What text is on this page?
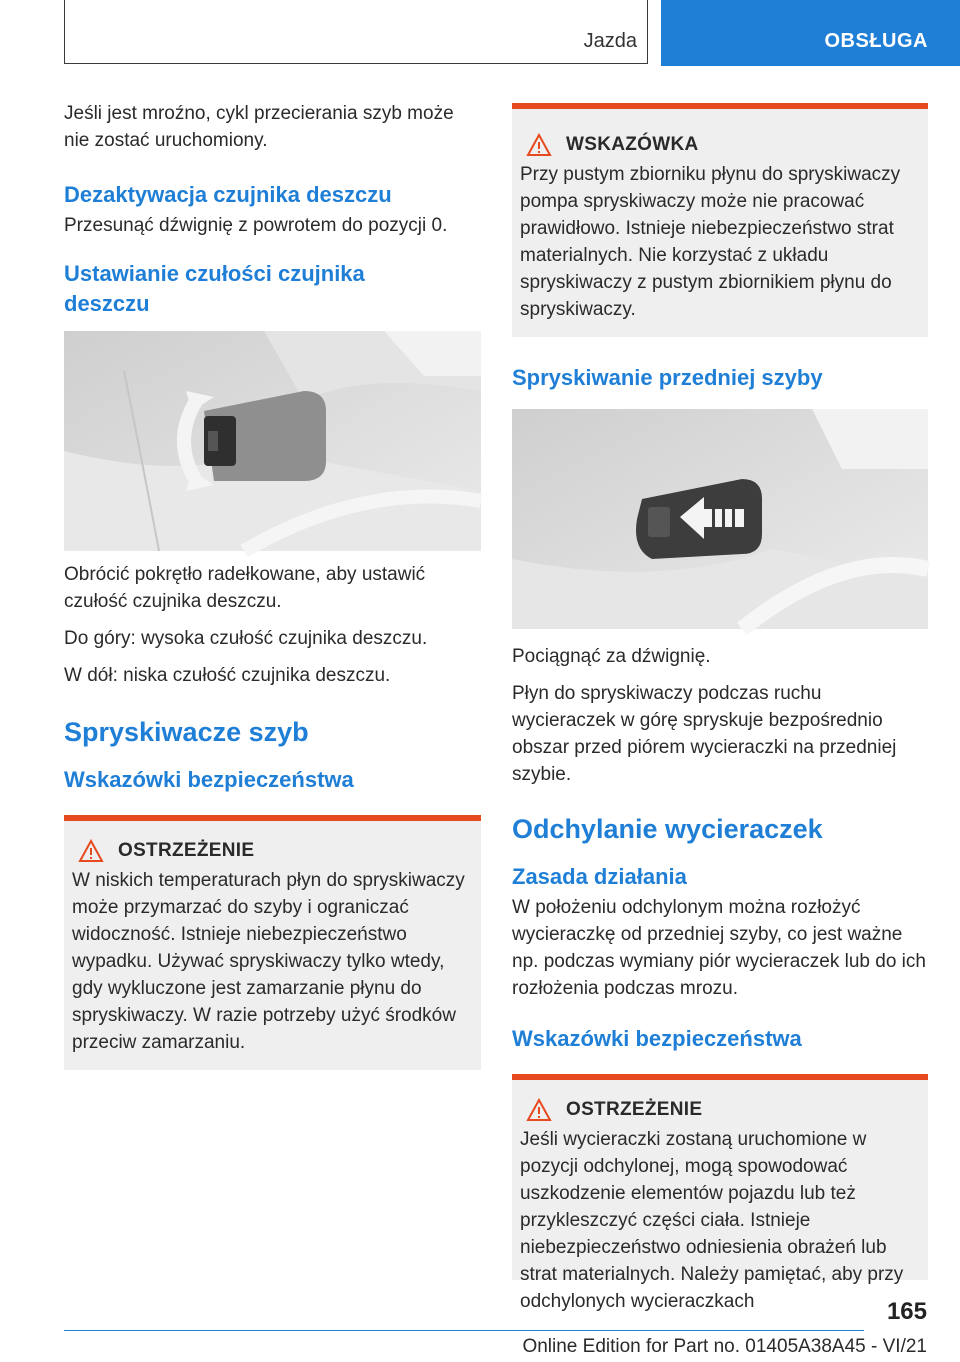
Jazda	OBSŁUGA

Jeśli jest mroźno, cykl przecierania szyb może nie zostać uruchomiony.

Dezaktywacja czujnika deszczu

Przesunąć dźwignię z powrotem do pozycji 0.

Ustawianie czułości czujnika deszczu

Obrócić pokrętło radełkowane, aby ustawić czułość czujnika deszczu.

Do góry: wysoka czułość czujnika deszczu.

W dół: niska czułość czujnika deszczu.

Spryskiwacze szyb
Wskazówki bezpieczeństwa
OSTRZEŻENIE

W niskich temperaturach płyn do spryskiwaczy może przymarzać do szyby i ograniczać widoczność. Istnieje niebezpieczeństwo wypadku. Używać spryskiwaczy tylko wtedy, gdy wykluczone jest zamarzanie płynu do spryskiwaczy. W razie potrzeby użyć środków przeciw zamarzaniu.

WSKAZÓWKA

Przy pustym zbiorniku płynu do spryskiwaczy pompa spryskiwaczy może nie pracować prawidłowo. Istnieje niebezpieczeństwo strat materialnych. Nie korzystać z układu spryskiwaczy z pustym zbiornikiem płynu do spryskiwaczy.

Spryskiwanie przedniej szyby

Pociągnąć za dźwignię.

Płyn do spryskiwaczy podczas ruchu wycieraczek w górę spryskuje bezpośrednio obszar przed piórem wycieraczki na przedniej szybie.

Odchylanie wycieraczek
Zasada działania

W położeniu odchylonym można rozłożyć wycieraczkę od przedniej szyby, co jest ważne np. podczas wymiany piór wycieraczek lub do ich rozłożenia podczas mrozu.

Wskazówki bezpieczeństwa
OSTRZEŻENIE

Jeśli wycieraczki zostaną uruchomione w pozycji odchylonej, mogą spowodować uszkodzenie elementów pojazdu lub też przykleszczyć części ciała. Istnieje niebezpieczeństwo odniesienia obrażeń lub strat materialnych. Należy pamiętać, aby przy odchylonych wycieraczkach	165
Online Edition for Part no. 01405A38A45 - VI/21
